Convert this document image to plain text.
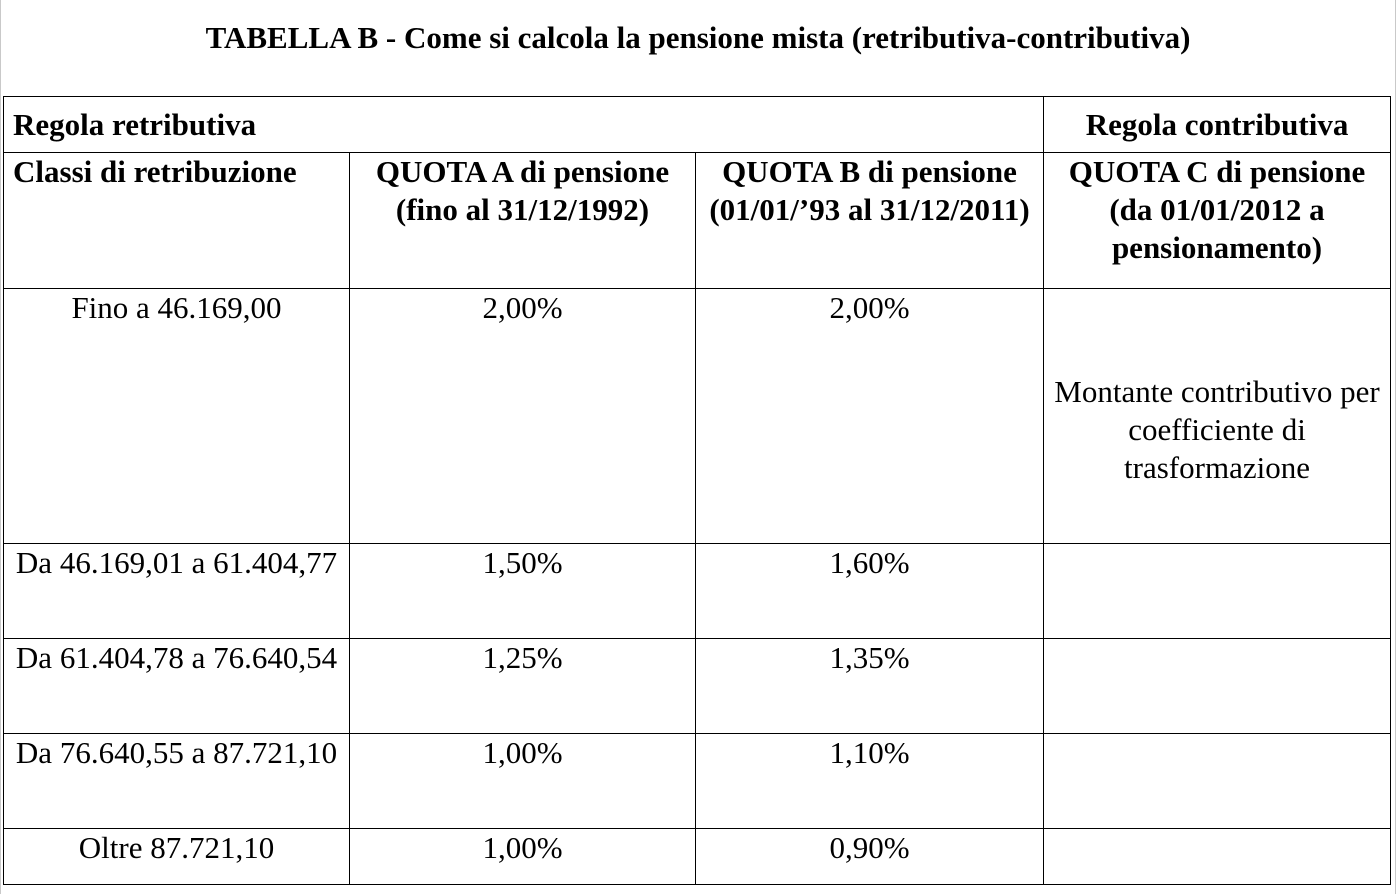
TABELLA B - Come si calcola la pensione mista (retributiva-contributiva)
Regola retributiva			Regola contributiva
Classi di retribuzione	QUOTA A di pensione (fino al 31/12/1992)	QUOTA B di pensione (01/01/’93 al 31/12/2011)	QUOTA C di pensione (da 01/01/2012 a pensionamento)
Fino a 46.169,00	2,00%	2,00%	Montante contributivo per coefficiente di trasformazione
Da 46.169,01 a 61.404,77	1,50%	1,60%	
Da 61.404,78 a 76.640,54	1,25%	1,35%	
Da 76.640,55 a 87.721,10	1,00%	1,10%	
Oltre 87.721,10	1,00%	0,90%	
